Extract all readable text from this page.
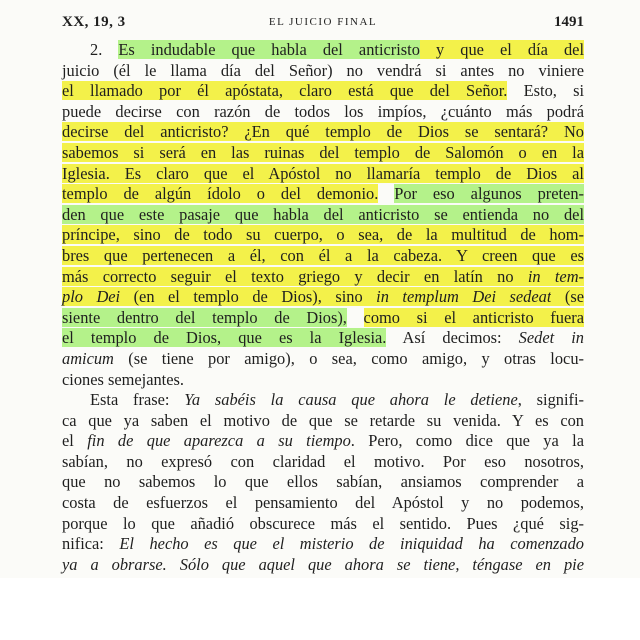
XX, 19, 3	EL JUICIO FINAL	1491
2. Es indudable que habla del anticristo y que el día del
juicio (él le llama día del Señor) no vendrá si antes no viniere
el llamado por él apóstata, claro está que del Señor. Esto, si
puede decirse con razón de todos los impíos, ¿cuánto más podrá
decirse del anticristo? ¿En qué templo de Dios se sentará? No
sabemos si será en las ruinas del templo de Salomón o en la
Iglesia. Es claro que el Apóstol no llamaría templo de Dios al
templo de algún ídolo o del demonio. Por eso algunos preten-
den que este pasaje que habla del anticristo se entienda no del
príncipe, sino de todo su cuerpo, o sea, de la multitud de hom-
bres que pertenecen a él, con él a la cabeza. Y creen que es
más correcto seguir el texto griego y decir en latín no in tem-
plo Dei (en el templo de Dios), sino in templum Dei sedeat (se
siente dentro del templo de Dios), como si el anticristo fuera
el templo de Dios, que es la Iglesia. Así decimos: Sedet in
amicum (se tiene por amigo), o sea, como amigo, y otras locu-
ciones semejantes.
Esta frase: Ya sabéis la causa que ahora le detiene, signifi-
ca que ya saben el motivo de que se retarde su venida. Y es con
el fin de que aparezca a su tiempo. Pero, como dice que ya la
sabían, no expresó con claridad el motivo. Por eso nosotros,
que no sabemos lo que ellos sabían, ansiamos comprender a
costa de esfuerzos el pensamiento del Apóstol y no podemos,
porque lo que añadió obscurece más el sentido. Pues ¿qué sig-
nifica: El hecho es que el misterio de iniquidad ha comenzado
ya a obrarse. Sólo que aquel que ahora se tiene, téngase en pie
